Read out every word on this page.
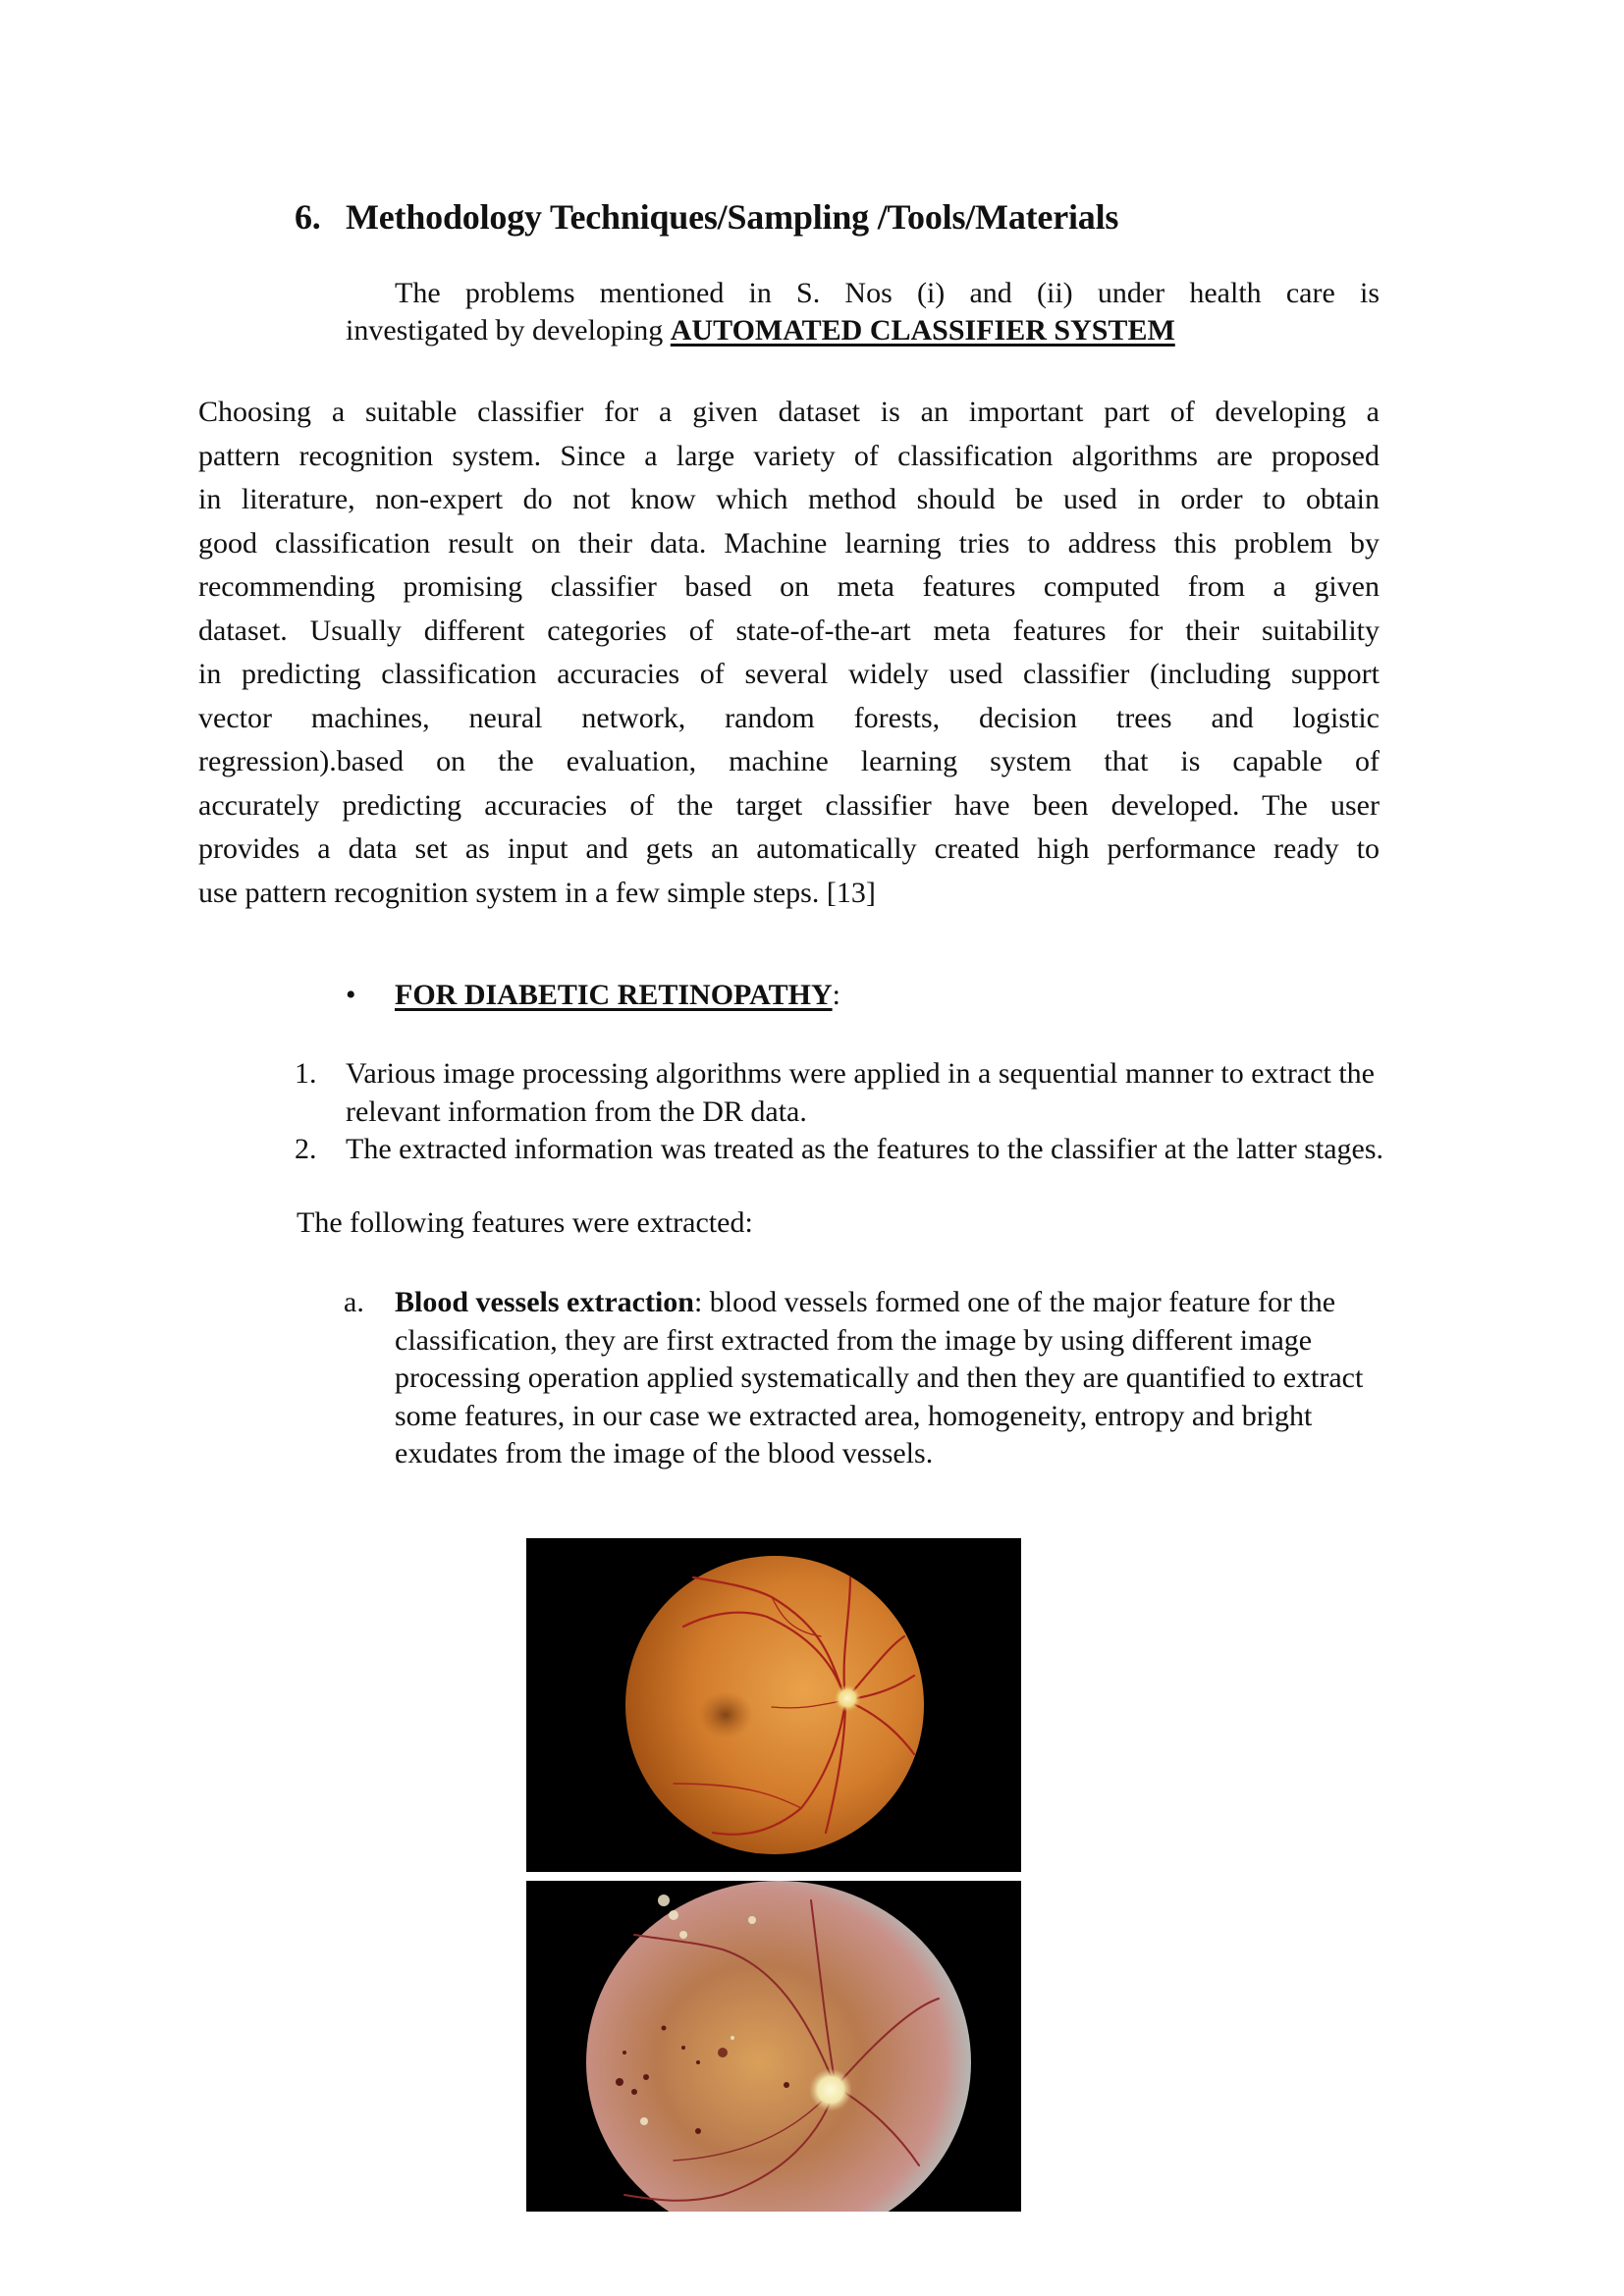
6. Methodology Techniques/Sampling /Tools/Materials
The problems mentioned in S. Nos (i) and (ii) under health care is
investigated by developing AUTOMATED CLASSIFIER SYSTEM
Choosing a suitable classifier for a given dataset is an important part of developing a
pattern recognition system. Since a large variety of classification algorithms are proposed
in literature, non-expert do not know which method should be used in order to obtain
good classification result on their data. Machine learning tries to address this problem by
recommending promising classifier based on meta features computed from a given
dataset. Usually different categories of state-of-the-art meta features for their suitability
in predicting classification accuracies of several widely used classifier (including support
vector machines, neural network, random forests, decision trees and logistic
regression).based on the evaluation, machine learning system that is capable of
accurately predicting accuracies of the target classifier have been developed. The user
provides a data set as input and gets an automatically created high performance ready to
use pattern recognition system in a few simple steps. [13]
• FOR DIABETIC RETINOPATHY:
1. Various image processing algorithms were applied in a sequential manner to extract the relevant information from the DR data.
2. The extracted information was treated as the features to the classifier at the latter stages.
The following features were extracted:
a.	Blood vessels extraction: blood vessels formed one of the major feature for the classification, they are first extracted from the image by using different image processing operation applied systematically and then they are quantified to extract some features, in our case we extracted area, homogeneity, entropy and bright exudates from the image of the blood vessels.
